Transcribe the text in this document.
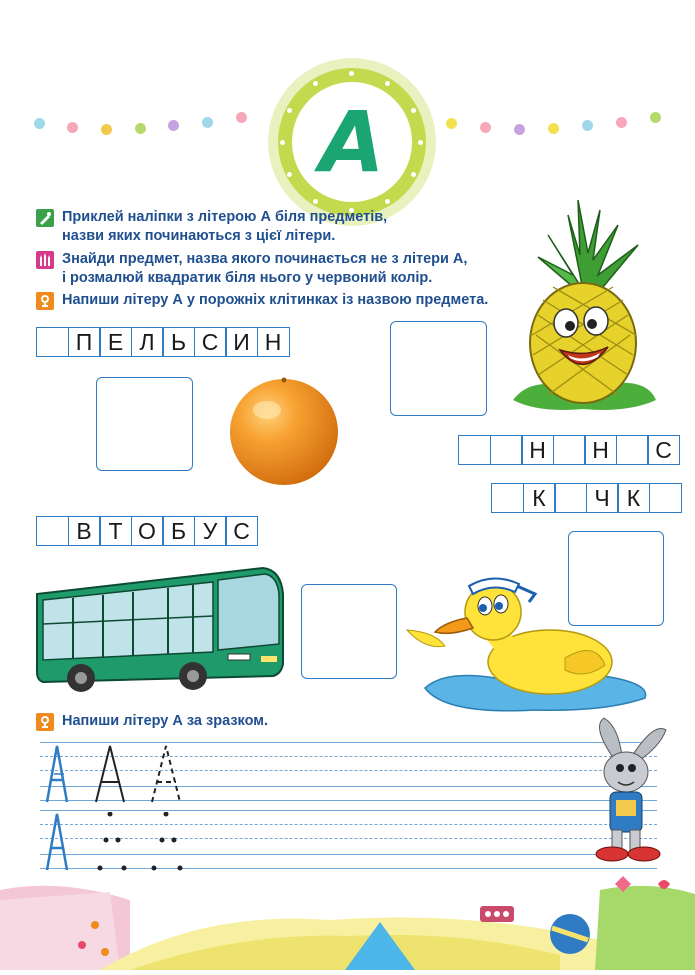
А
Приклей наліпки з літерою А біля предметів,
назви яких починаються з цієї літери.
Знайди предмет, назва якого починається не з літери А,
і розмалюй квадратик біля нього у червоний колір.
Напиши літеру А у порожніх клітинках із назвою предмета.
П Е Л Ь С И Н
Н	Н	С
К	Ч К
В Т О Б У С
Напиши літеру А за зразком.
